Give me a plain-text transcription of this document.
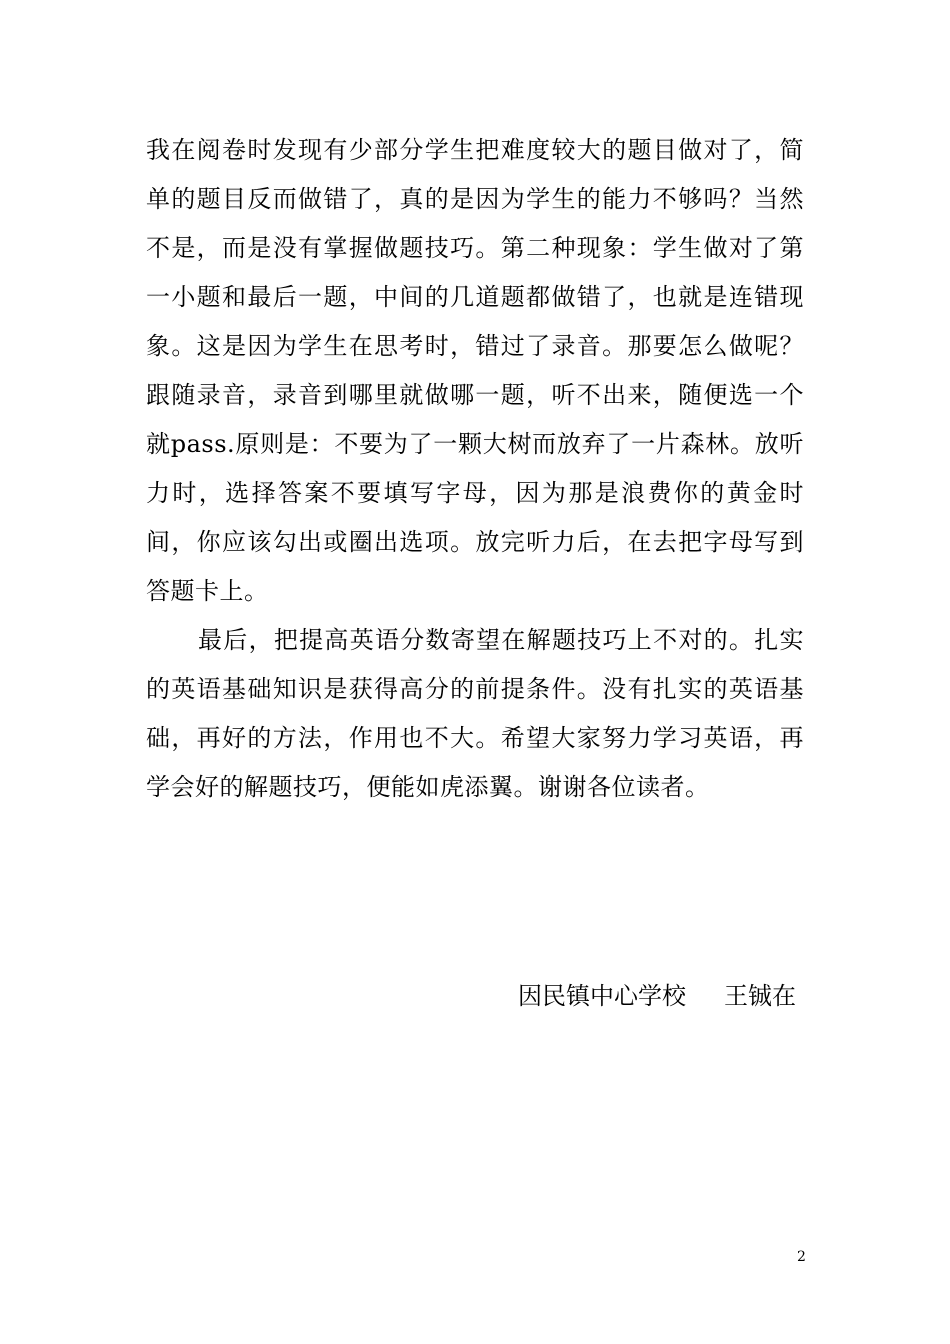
我在阅卷时发现有少部分学生把难度较大的题目做对了，简单的题目反而做错了，真的是因为学生的能力不够吗？当然不是，而是没有掌握做题技巧。第二种现象：学生做对了第一小题和最后一题，中间的几道题都做错了，也就是连错现象。这是因为学生在思考时，错过了录音。那要怎么做呢？跟随录音，录音到哪里就做哪一题，听不出来，随便选一个就pass.原则是：不要为了一颗大树而放弃了一片森林。放听力时，选择答案不要填写字母，因为那是浪费你的黄金时间，你应该勾出或圈出选项。放完听力后，在去把字母写到答题卡上。

最后，把提高英语分数寄望在解题技巧上不对的。扎实的英语基础知识是获得高分的前提条件。没有扎实的英语基础，再好的方法，作用也不大。希望大家努力学习英语，再学会好的解题技巧，便能如虎添翼。谢谢各位读者。

因民镇中心学校 王铖在
2
